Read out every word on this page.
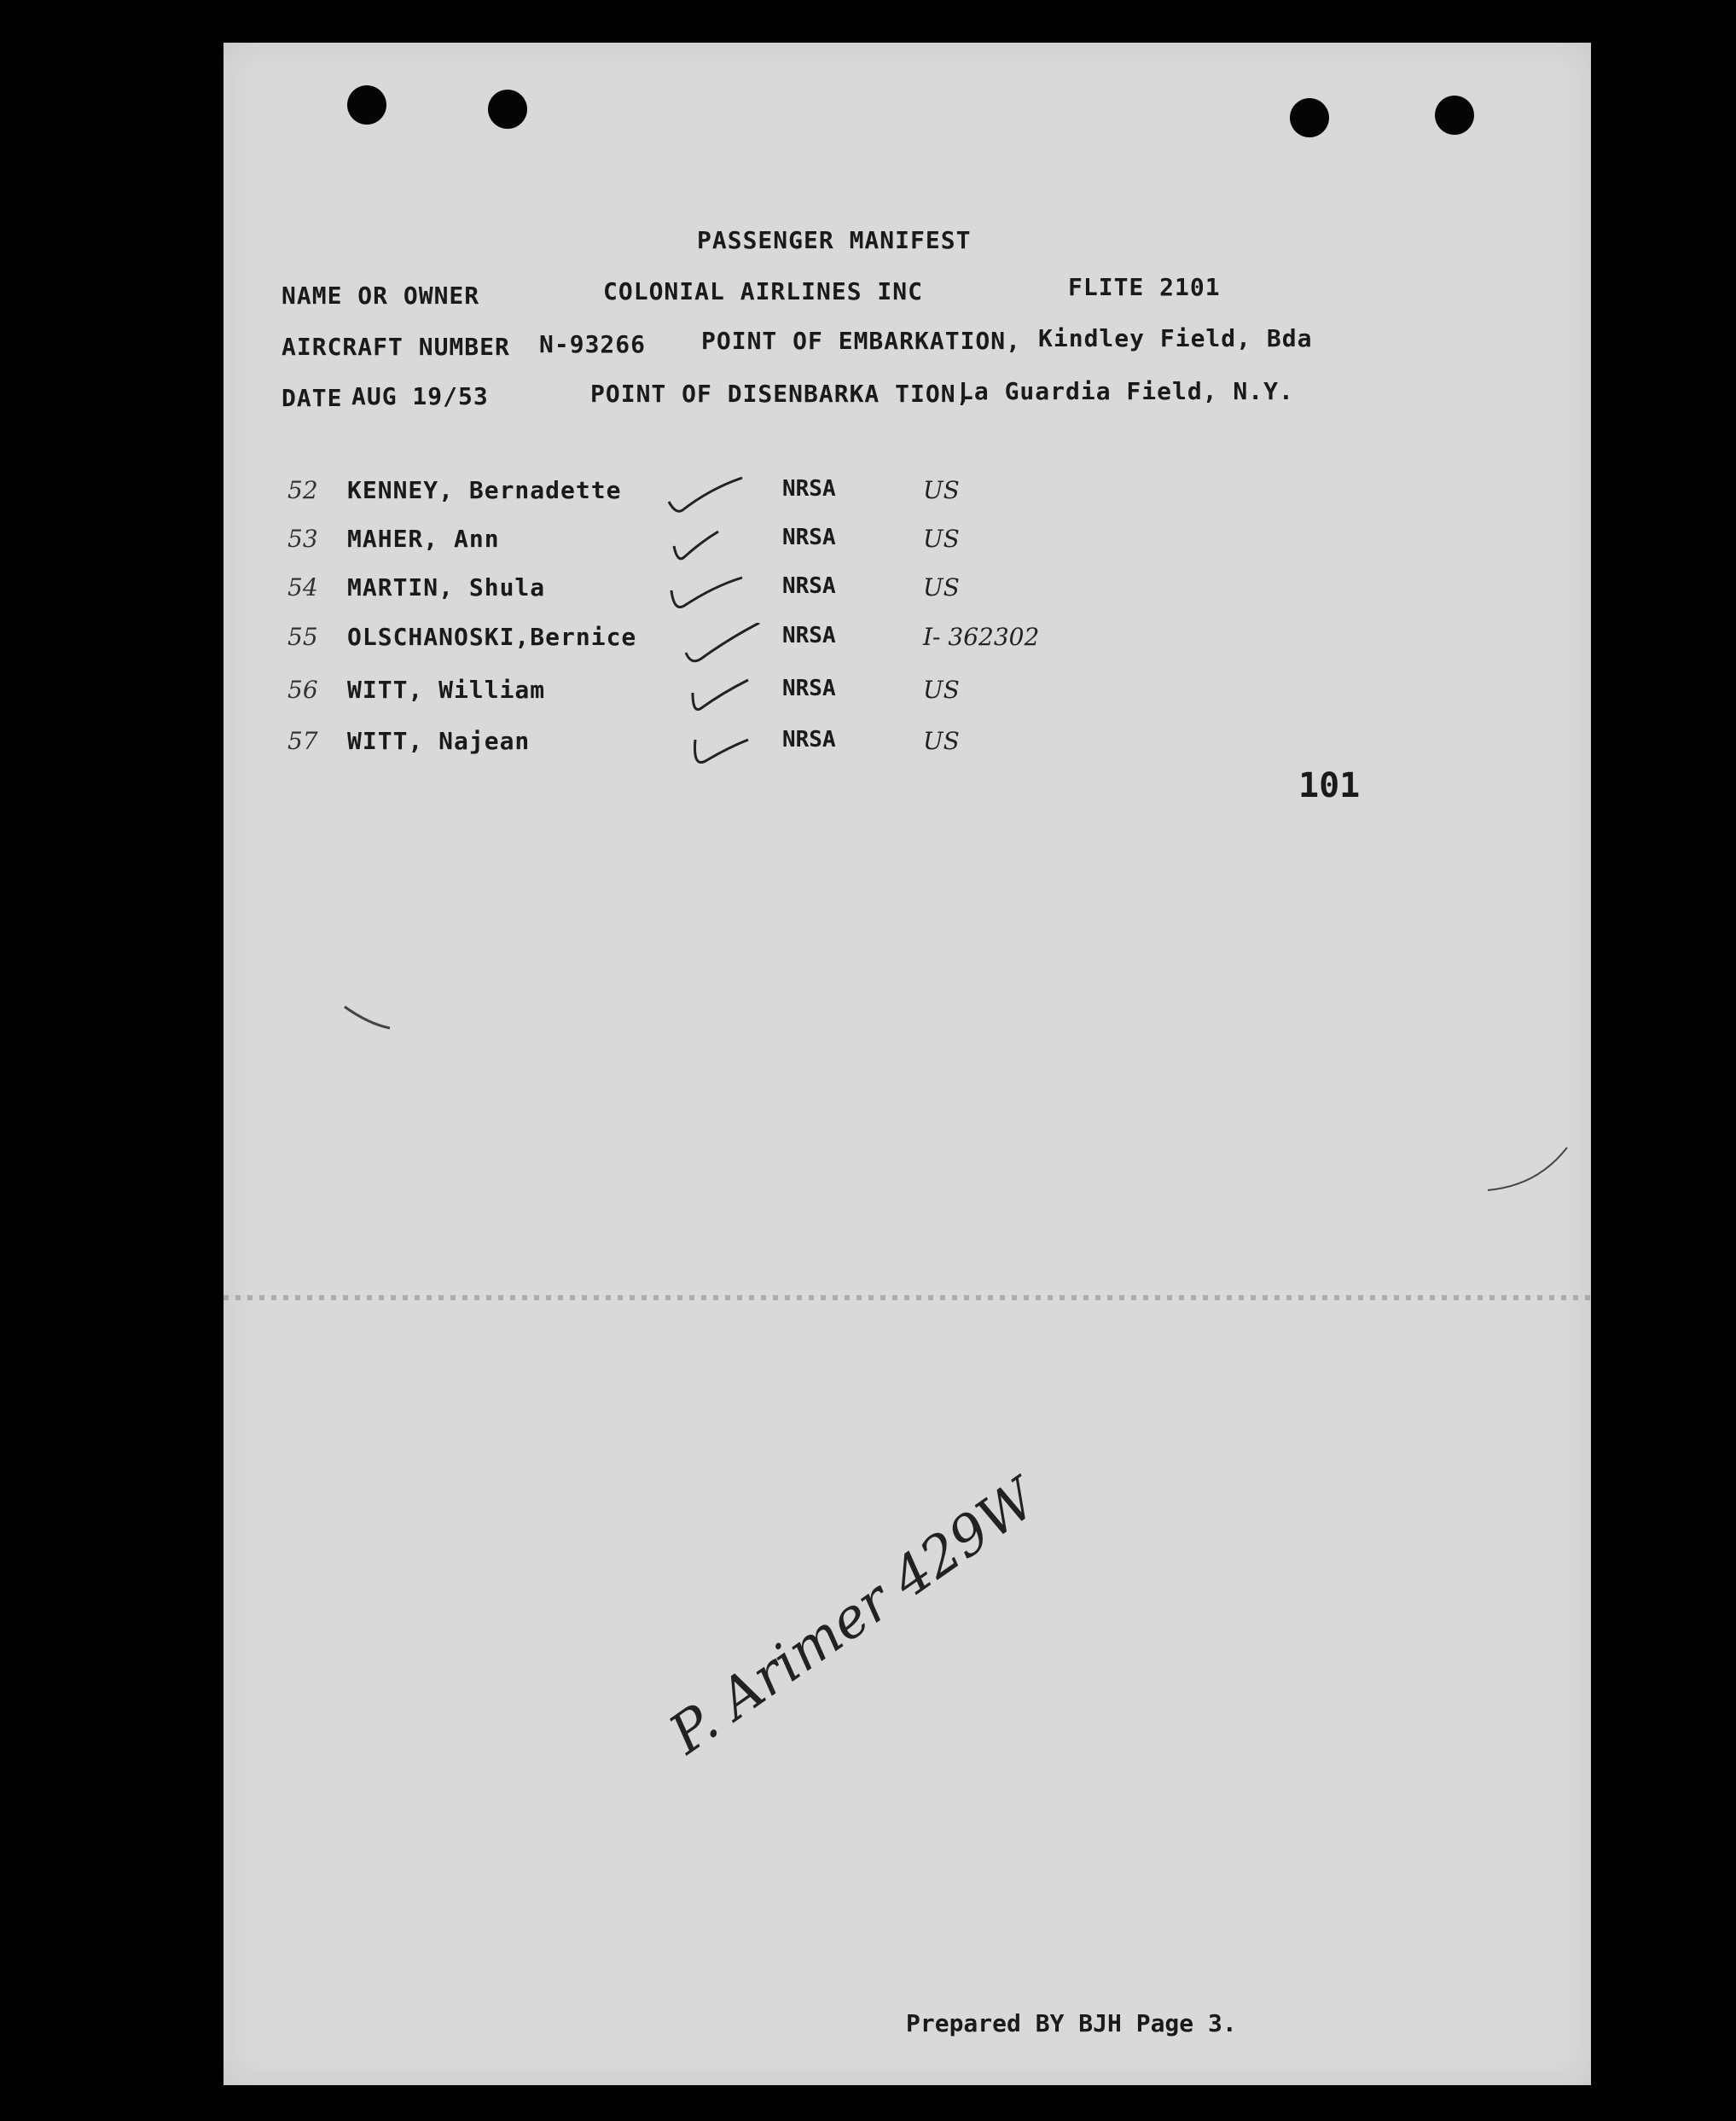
PASSENGER MANIFEST
NAME OR OWNER	COLONIAL AIRLINES INC	FLITE 2101
AIRCRAFT NUMBER N-93266 POINT OF EMBARKATION, Kindley Field, Bda
DATE AUG 19/53	POINT OF DISENBARKA TION,
La Guardia Field, N.Y.
52 KENNEY, Bernadette	NRSA	US
53 MAHER, Ann	NRSA	US
54 MARTIN, Shula	NRSA	US
55 OLSCHANOSKI,Bernice	NRSA	I- 362302
56 WITT, William	NRSA	US
57 WITT, Najean	NRSA	US
101
P. Arimer 429W
Prepared BY BJH Page 3.
